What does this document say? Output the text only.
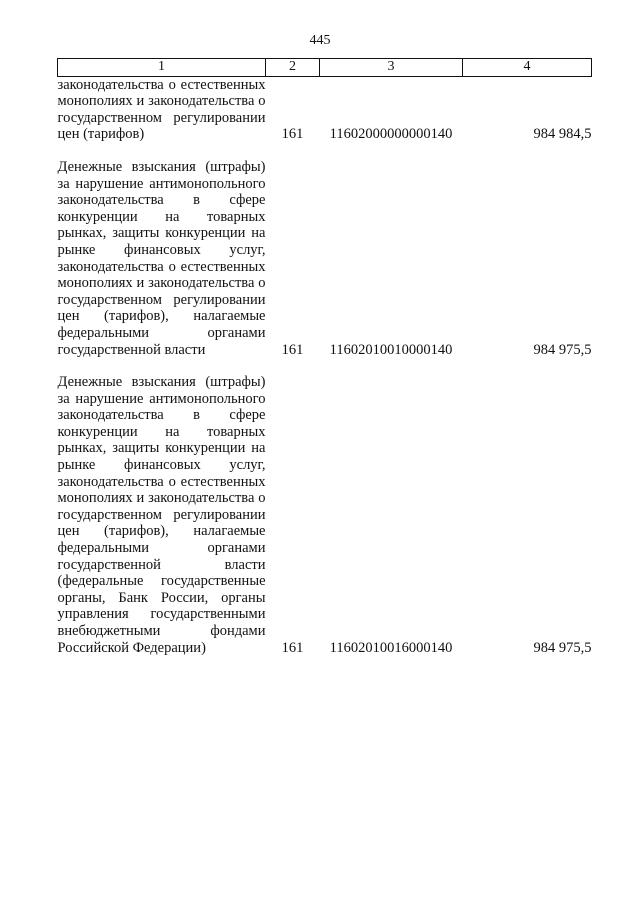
445
1	2	3	4
законодательства о естественных монополиях и законодательства о государственном регулировании цен (тарифов)	161	11602000000000140	984 984,5

Денежные взыскания (штрафы) за нарушение антимонопольного законодательства в сфере конкуренции на товарных рынках, защиты конкуренции на рынке финансовых услуг, законодательства о естественных монополиях и законодательства о государственном регулировании цен (тарифов), налагаемые федеральными органами государственной власти	161	11602010010000140	984 975,5

Денежные взыскания (штрафы) за нарушение антимонопольного законодательства в сфере конкуренции на товарных рынках, защиты конкуренции на рынке финансовых услуг, законодательства о естественных монополиях и законодательства о государственном регулировании цен (тарифов), налагаемые федеральными органами государственной власти (федеральные государственные органы, Банк России, органы управления государственными внебюджетными фондами Российской Федерации)	161	11602010016000140	984 975,5
